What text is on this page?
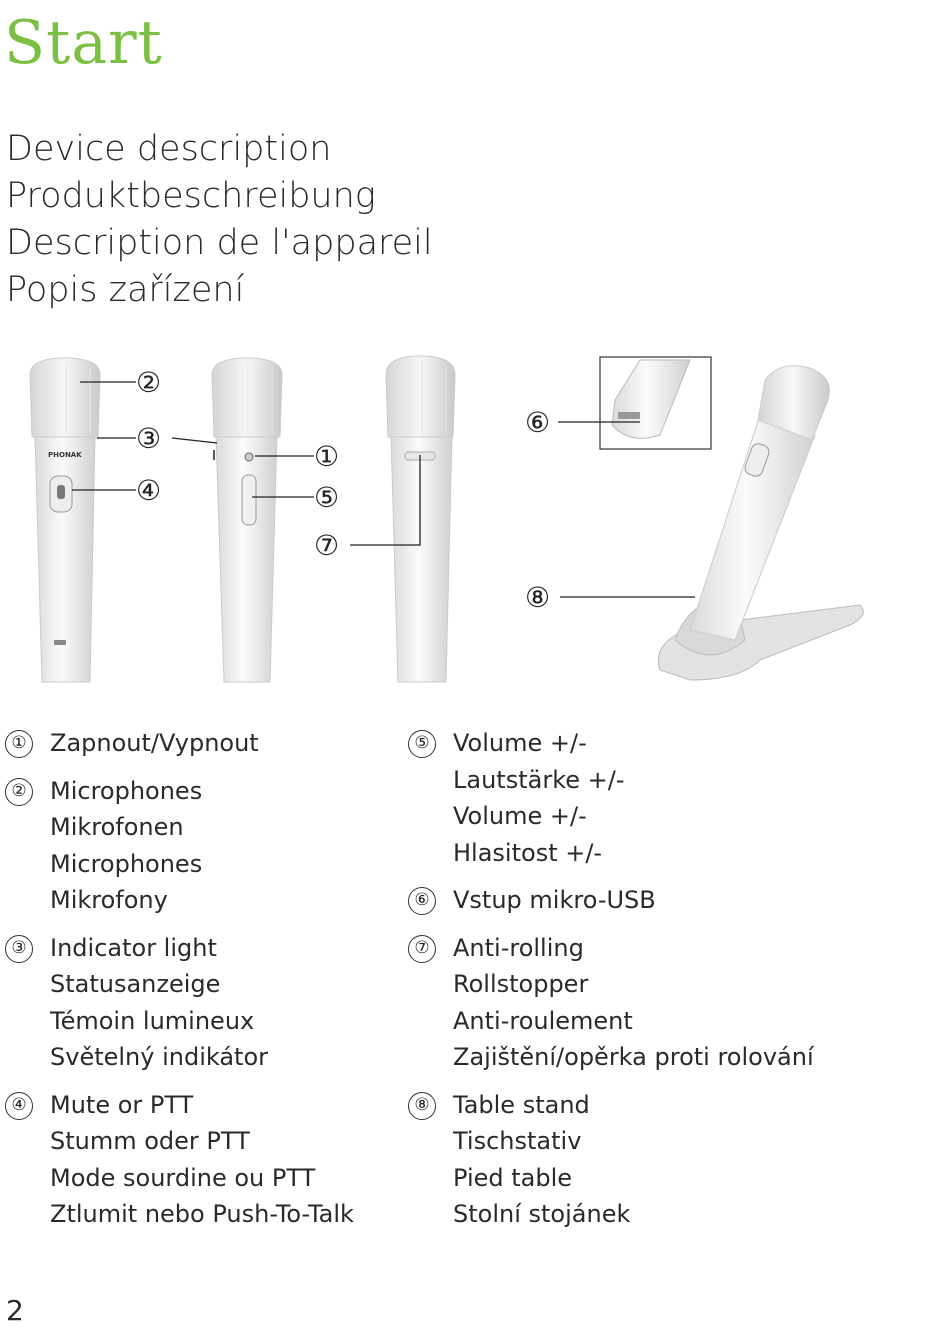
Start
Device description
Produktbeschreibung
Description de l'appareil
Popis zařízení
PHONAK
②
③
④
①
⑤
⑦
⑥
⑧
① Zapnout/Vypnout
② Microphones
Mikrofonen
Microphones
Mikrofony
③ Indicator light
Statusanzeige
Témoin lumineux
Světelný indikátor
④ Mute or PTT
Stumm oder PTT
Mode sourdine ou PTT
Ztlumit nebo Push-To-Talk
⑤ Volume +/-
Lautstärke +/-
Volume +/-
Hlasitost +/-
⑥ Vstup mikro-USB
⑦ Anti-rolling
Rollstopper
Anti-roulement
Zajištění/opěrka proti rolování
⑧ Table stand
Tischstativ
Pied table
Stolní stojánek
2
